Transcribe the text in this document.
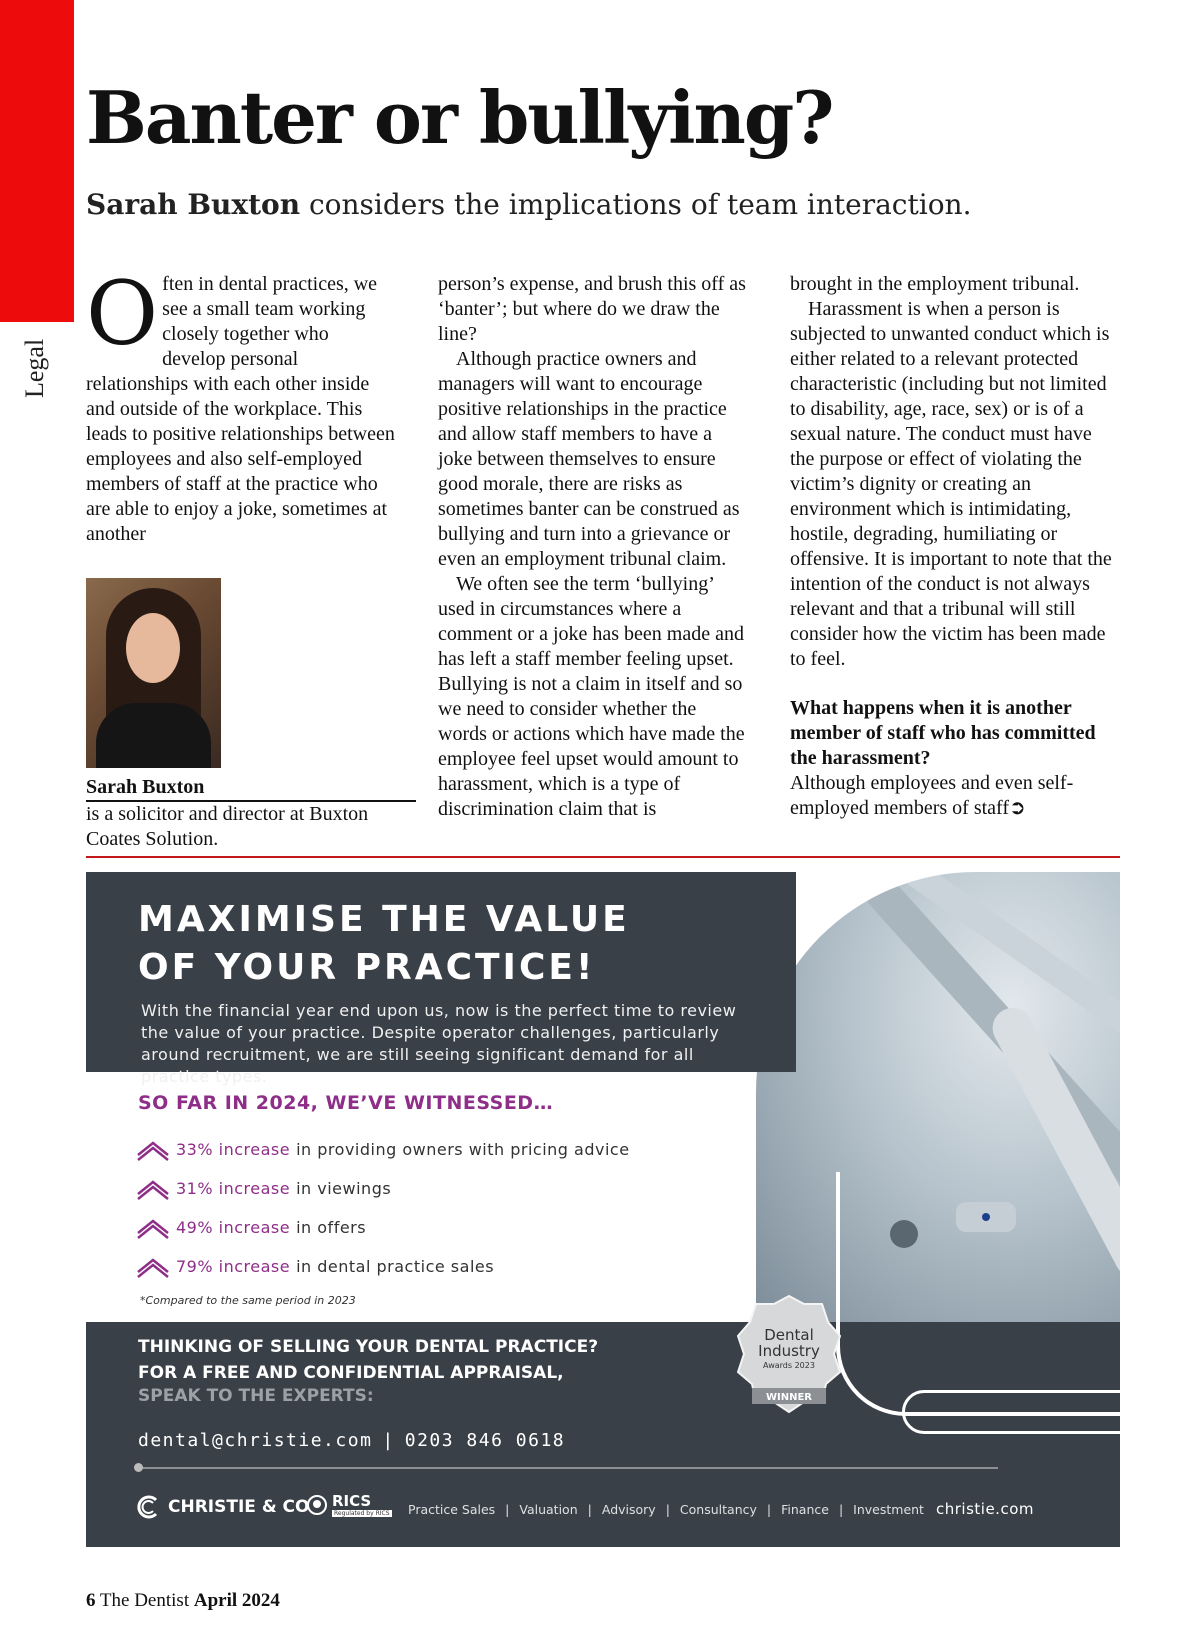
Legal
Banter or bullying?
Sarah Buxton considers the implications of team interaction.
O ften in dental practices, we see a small team working closely together who develop personal relationships with each other inside and outside of the workplace. This leads to positive relationships between employees and also self-employed members of staff at the practice who are able to enjoy a joke, sometimes at another

Sarah Buxton
is a solicitor and director at Buxton Coates Solution.

person’s expense, and brush this off as ‘banter’; but where do we draw the line?

Although practice owners and managers will want to encourage positive relationships in the practice and allow staff members to have a joke between themselves to ensure good morale, there are risks as sometimes banter can be construed as bullying and turn into a grievance or even an employment tribunal claim.

We often see the term ‘bullying’ used in circumstances where a comment or a joke has been made and has left a staff member feeling upset. Bullying is not a claim in itself and so we need to consider whether the words or actions which have made the employee feel upset would amount to harassment, which is a type of discrimination claim that is

brought in the employment tribunal.

Harassment is when a person is subjected to unwanted conduct which is either related to a relevant protected characteristic (including but not limited to disability, age, race, sex) or is of a sexual nature. The conduct must have the purpose or effect of violating the victim’s dignity or creating an environment which is intimidating, hostile, degrading, humiliating or offensive. It is important to note that the intention of the conduct is not always relevant and that a tribunal will still consider how the victim has been made to feel.

What happens when it is another member of staff who has committed the harassment?

Although employees and even self-employed members of staff➲

MAXIMISE THE VALUE OF YOUR PRACTICE!
With the financial year end upon us, now is the perfect time to review the value of your practice. Despite operator challenges, particularly around recruitment, we are still seeing significant demand for all practice types.
SO FAR IN 2024, WE’VE WITNESSED…
33% increase in providing owners with pricing advice
31% increase in viewings
49% increase in offers
79% increase in dental practice sales
*Compared to the same period in 2023
THINKING OF SELLING YOUR DENTAL PRACTICE?
FOR A FREE AND CONFIDENTIAL APPRAISAL,
SPEAK TO THE EXPERTS:
dental@christie.com | 0203 846 0618
CHRISTIE & CO RICS
Regulated by RICS Practice Sales | Valuation | Advisory | Consultancy | Finance | Investment christie.com
Dental
Industry
Awards 2023
WINNER
6 The Dentist April 2024
